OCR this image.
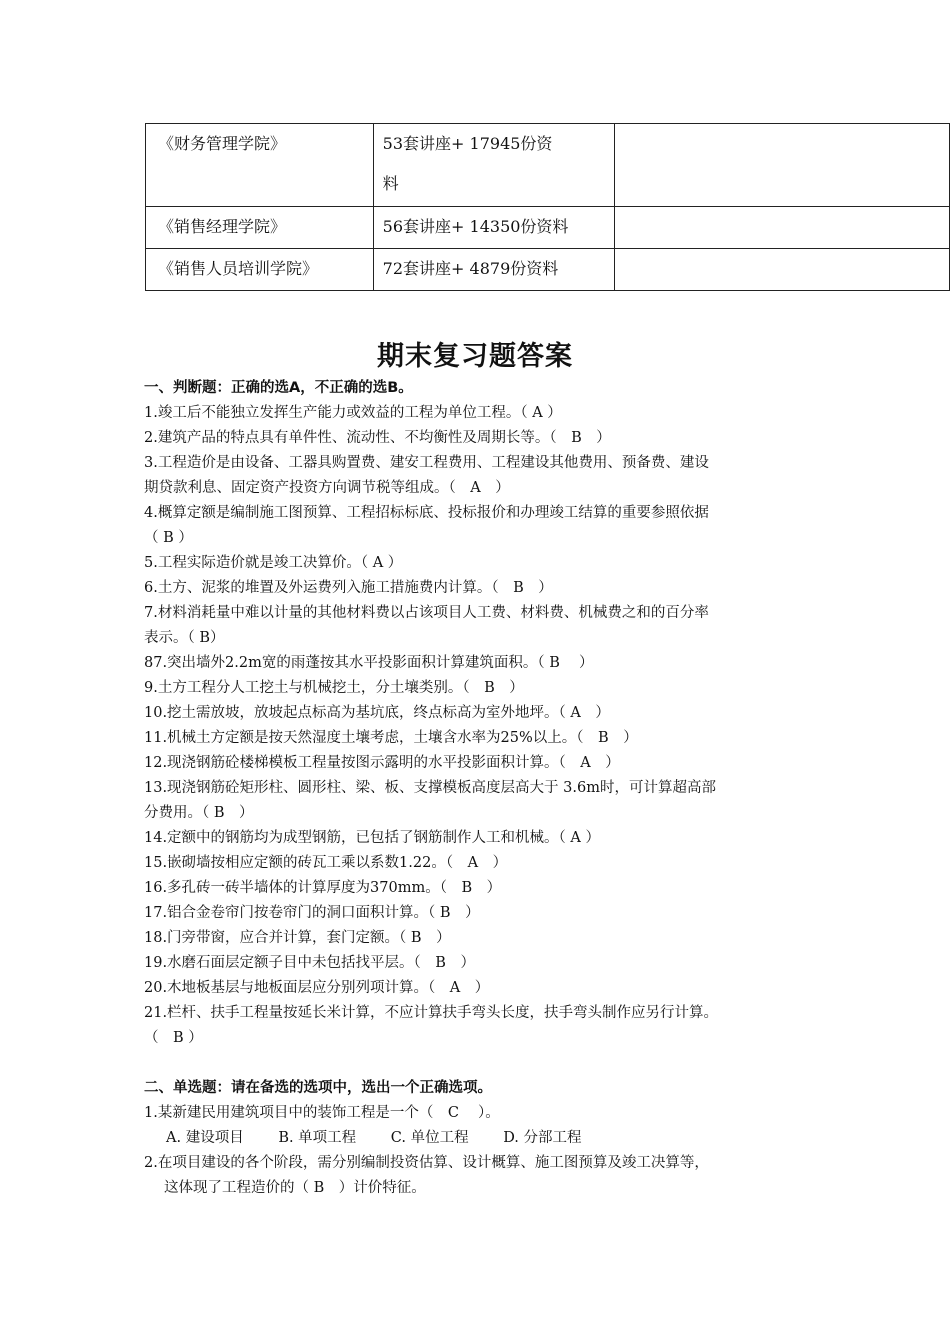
《财务管理学院》	53套讲座+ 17945份资
料	

《销售经理学院》	56套讲座+ 14350份资料	
《销售人员培训学院》	72套讲座+ 4879份资料	
期末复习题答案

一、判断题：正确的选A，不正确的选B。

1.竣工后不能独立发挥生产能力或效益的工程为单位工程。（ A ）

2.建筑产品的特点具有单件性、流动性、不均衡性及周期长等。（　B　）

3.工程造价是由设备、工器具购置费、建安工程费用、工程建设其他费用、预备费、建设

期贷款利息、固定资产投资方向调节税等组成。（　A　）

4.概算定额是编制施工图预算、工程招标标底、投标报价和办理竣工结算的重要参照依据

（ B ）

5.工程实际造价就是竣工决算价。（ A ）

6.土方、泥浆的堆置及外运费列入施工措施费内计算。（　B　）

7.材料消耗量中难以计量的其他材料费以占该项目人工费、材料费、机械费之和的百分率

表示。（ B）

87.突出墙外2.2m宽的雨蓬按其水平投影面积计算建筑面积。（ B　 ）

9.土方工程分人工挖土与机械挖土，分土壤类别。（　B　）

10.挖土需放坡，放坡起点标高为基坑底，终点标高为室外地坪。（ A　）

11.机械土方定额是按天然湿度土壤考虑，土壤含水率为25%以上。（　B　）

12.现浇钢筋砼楼梯模板工程量按图示露明的水平投影面积计算。（　A　）

13.现浇钢筋砼矩形柱、圆形柱、梁、板、支撑模板高度层高大于 3.6m时，可计算超高部

分费用。（ B　）

14.定额中的钢筋均为成型钢筋，已包括了钢筋制作人工和机械。（ A ）

15.嵌砌墙按相应定额的砖瓦工乘以系数1.22。（　A　）

16.多孔砖一砖半墙体的计算厚度为370mm。（　B　）

17.铝合金卷帘门按卷帘门的洞口面积计算。（ B　）

18.门旁带窗，应合并计算，套门定额。（ B　）

19.水磨石面层定额子目中未包括找平层。（　B　）

20.木地板基层与地板面层应分别列项计算。（　A　）

21.栏杆、扶手工程量按延长米计算，不应计算扶手弯头长度，扶手弯头制作应另行计算。

（　B ）

二、单选题：请在备选的选项中，选出一个正确选项。

1.某新建民用建筑项目中的装饰工程是一个（　C　 ）。

A. 建设项目 B. 单项工程 C. 单位工程 D. 分部工程

2.在项目建设的各个阶段，需分别编制投资估算、设计概算、施工图预算及竣工决算等，

这体现了工程造价的（ B　）计价特征。
